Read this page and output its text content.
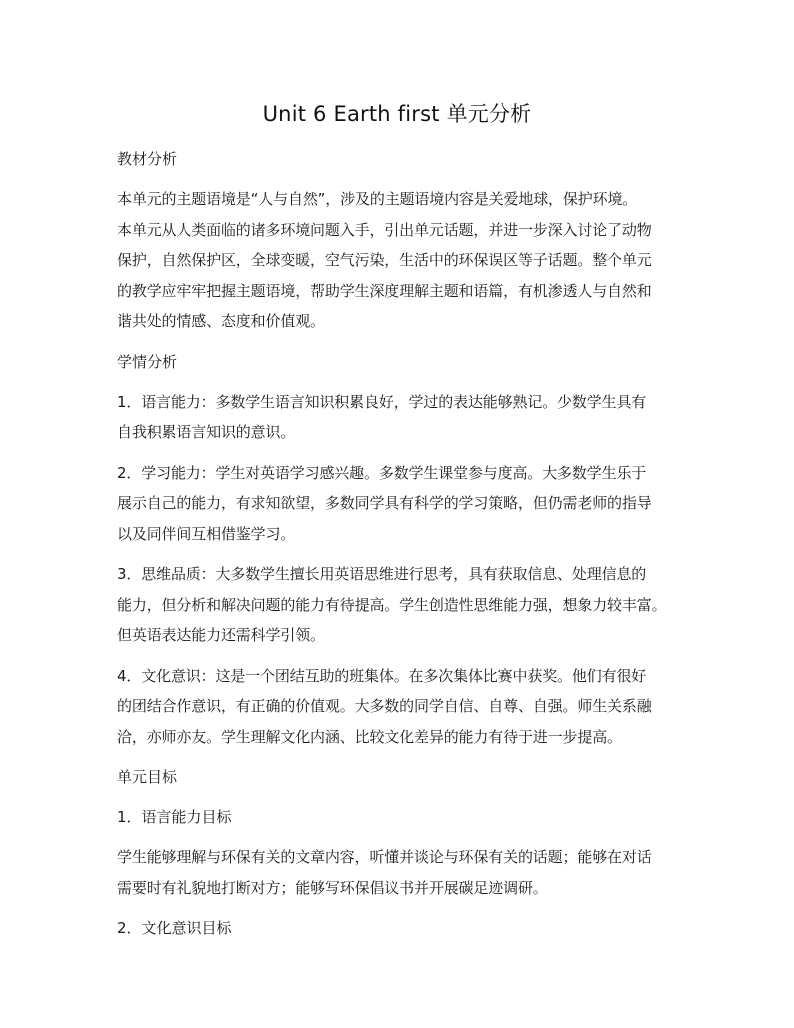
Unit 6 Earth first 单元分析

教材分析

本单元的主题语境是“人与自然”，涉及的主题语境内容是关爱地球，保护环境。
本单元从人类面临的诸多环境问题入手，引出单元话题，并进一步深入讨论了动物
保护，自然保护区，全球变暖，空气污染，生活中的环保误区等子话题。整个单元
的教学应牢牢把握主题语境，帮助学生深度理解主题和语篇，有机渗透人与自然和
谐共处的情感、态度和价值观。

学情分析

1．语言能力：多数学生语言知识积累良好，学过的表达能够熟记。少数学生具有
自我积累语言知识的意识。

2．学习能力：学生对英语学习感兴趣。多数学生课堂参与度高。大多数学生乐于
展示自己的能力，有求知欲望，多数同学具有科学的学习策略，但仍需老师的指导
以及同伴间互相借鉴学习。

3．思维品质：大多数学生擅长用英语思维进行思考，具有获取信息、处理信息的
能力，但分析和解决问题的能力有待提高。学生创造性思维能力强，想象力较丰富。
但英语表达能力还需科学引领。

4．文化意识：这是一个团结互助的班集体。在多次集体比赛中获奖。他们有很好
的团结合作意识，有正确的价值观。大多数的同学自信、自尊、自强。师生关系融
洽，亦师亦友。学生理解文化内涵、比较文化差异的能力有待于进一步提高。

单元目标

1．语言能力目标

学生能够理解与环保有关的文章内容，听懂并谈论与环保有关的话题；能够在对话
需要时有礼貌地打断对方；能够写环保倡议书并开展碳足迹调研。

2．文化意识目标
